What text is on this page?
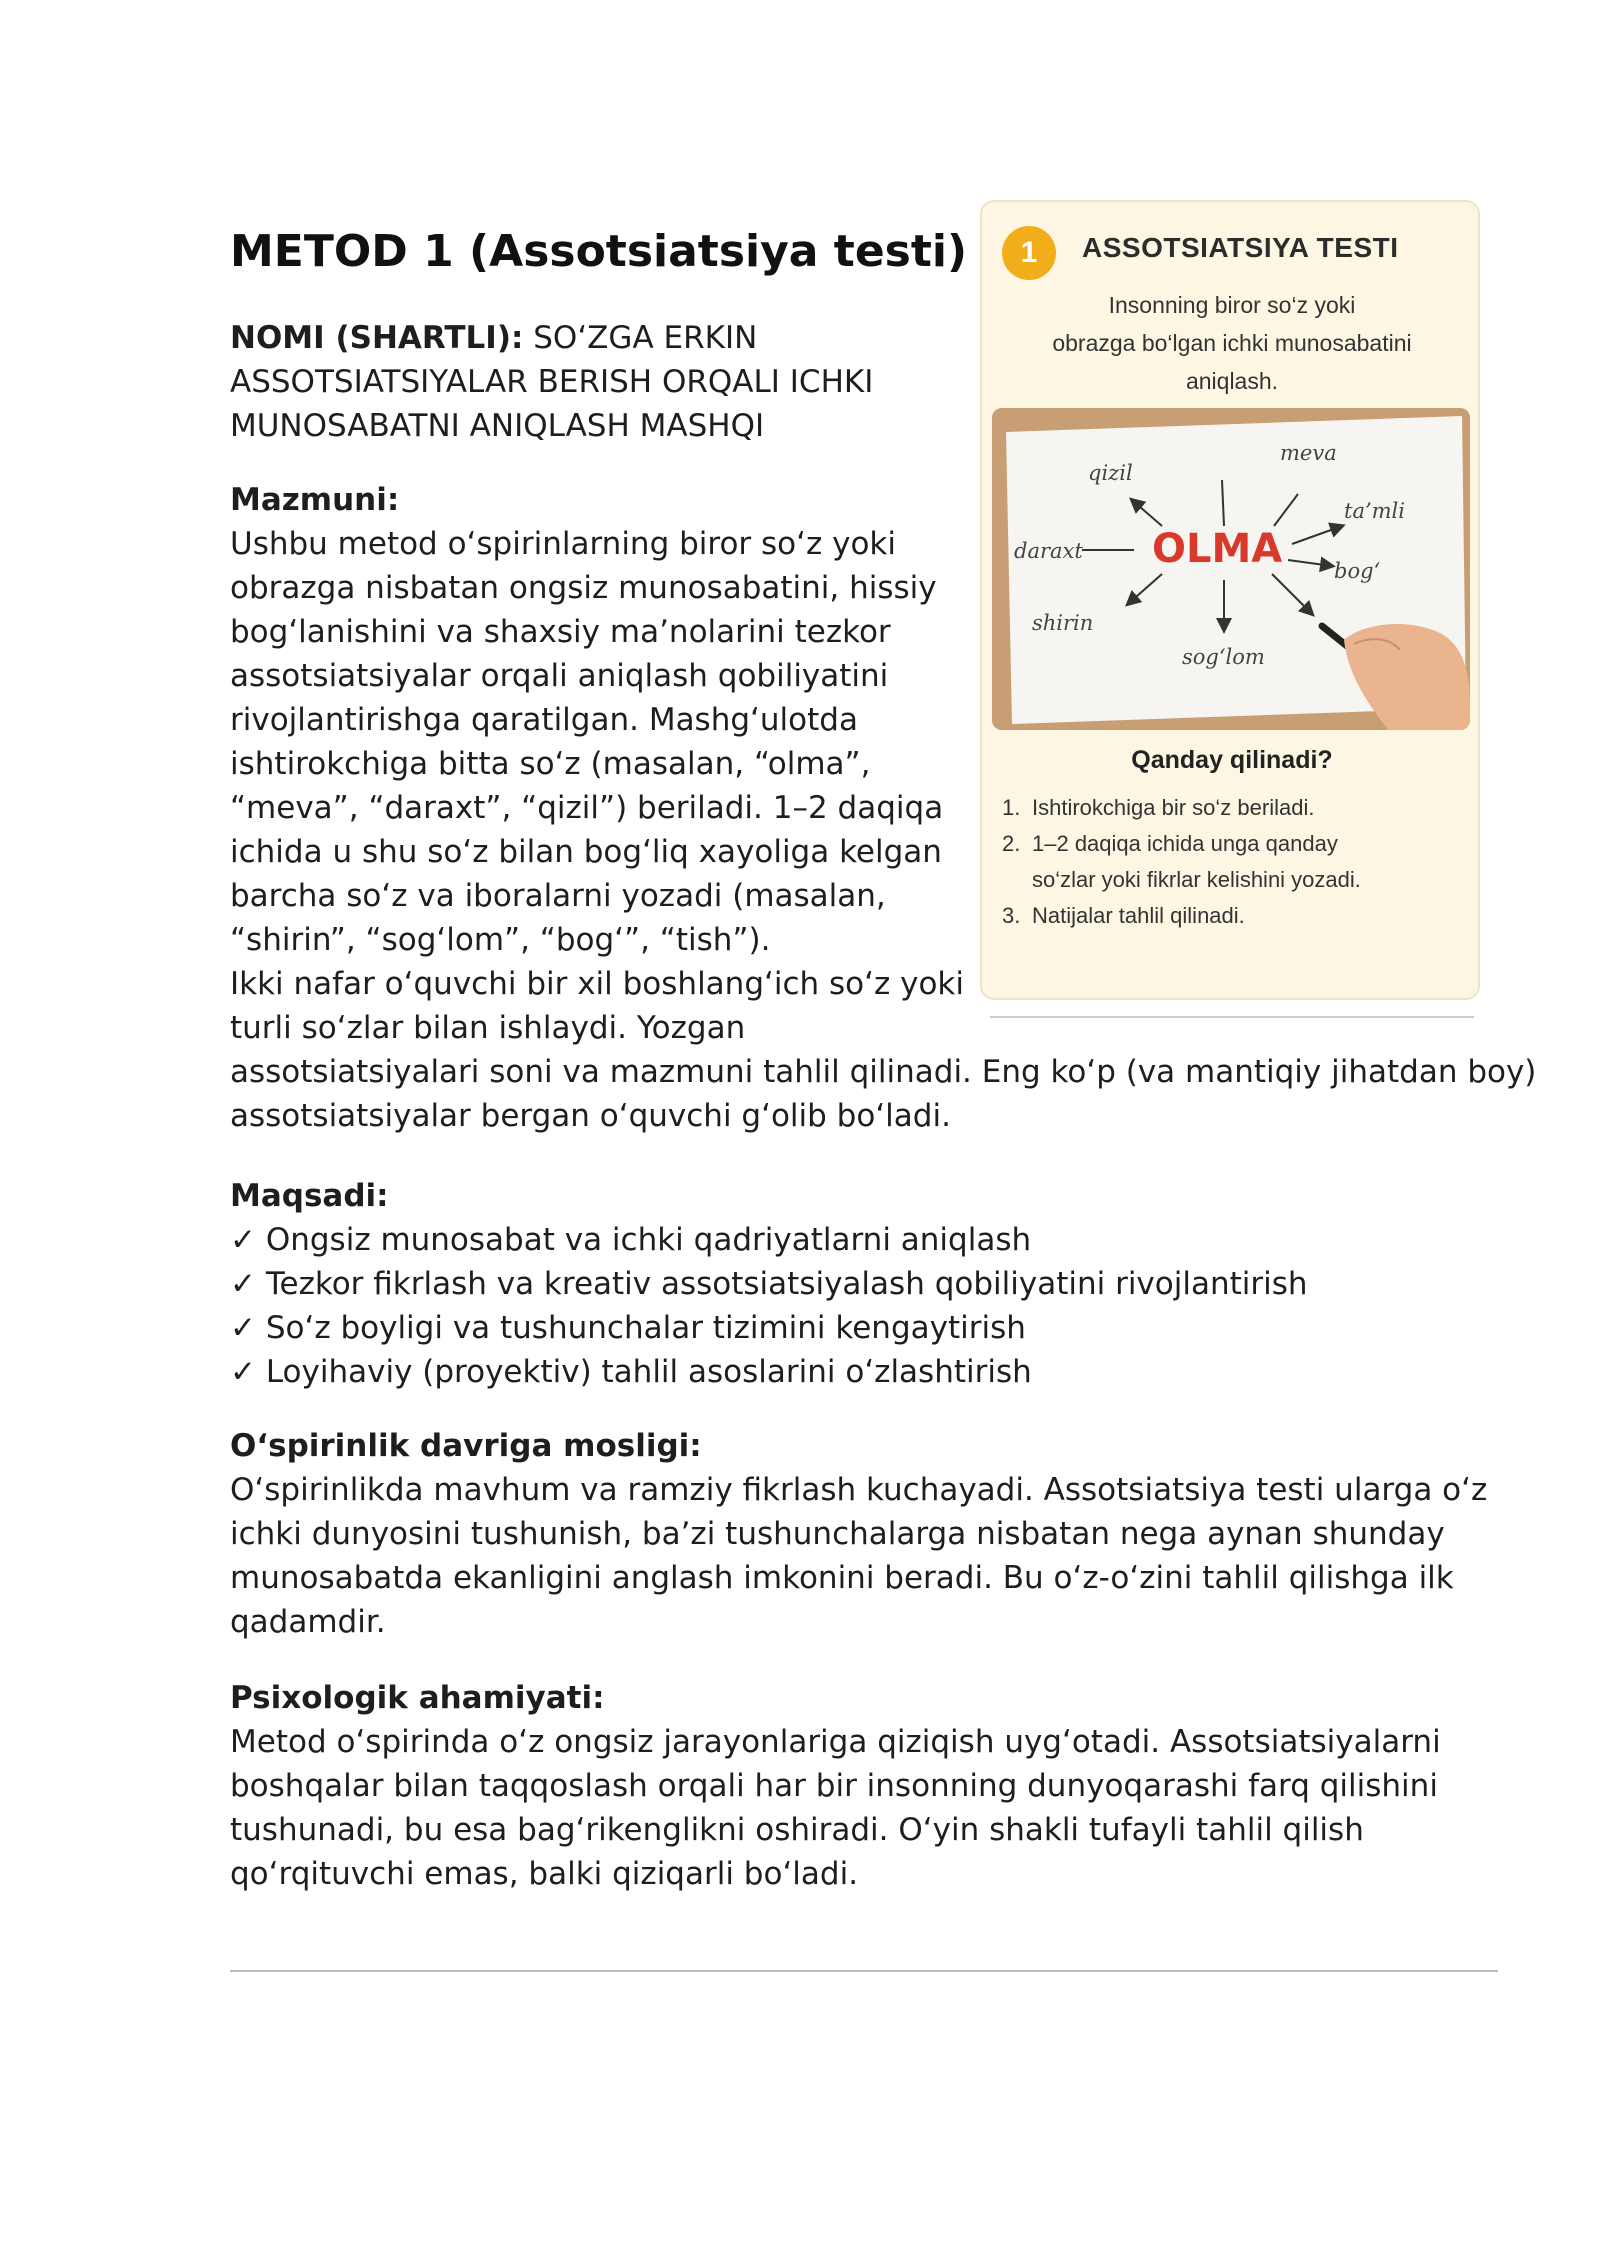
1	ASSOTSIATSIYA TESTI
Insonning biror so‘z yoki
obrazga bo‘lgan ichki munosabatini
aniqlash.
qizil
meva
ta’mli
daraxt
bog‘
shirin
sog‘lom
OLMA
Qanday qilinadi?
1. Ishtirokchiga bir so‘z beriladi.
2. 1–2 daqiqa ichida unga qanday
so‘zlar yoki fikrlar kelishini yozadi.
3. Natijalar tahlil qilinadi.
METOD 1 (Assotsiatsiya testi)
NOMI (SHARTLI): SO‘ZGA ERKIN
ASSOTSIATSIYALAR BERISH ORQALI ICHKI
MUNOSABATNI ANIQLASH MASHQI
Mazmuni:
Ushbu metod o‘spirinlarning biror so‘z yoki
obrazga nisbatan ongsiz munosabatini, hissiy
bog‘lanishini va shaxsiy ma’nolarini tezkor
assotsiatsiyalar orqali aniqlash qobiliyatini
rivojlantirishga qaratilgan. Mashg‘ulotda
ishtirokchiga bitta so‘z (masalan, “olma”,
“meva”, “daraxt”, “qizil”) beriladi. 1–2 daqiqa
ichida u shu so‘z bilan bog‘liq xayoliga kelgan
barcha so‘z va iboralarni yozadi (masalan,
“shirin”, “sog‘lom”, “bog‘”, “tish”).
Ikki nafar o‘quvchi bir xil boshlang‘ich so‘z yoki
turli so‘zlar bilan ishlaydi. Yozgan
assotsiatsiyalari soni va mazmuni tahlil qilinadi. Eng ko‘p (va mantiqiy jihatdan boy)
assotsiatsiyalar bergan o‘quvchi g‘olib bo‘ladi.
Maqsadi:
✓ Ongsiz munosabat va ichki qadriyatlarni aniqlash
✓ Tezkor fikrlash va kreativ assotsiatsiyalash qobiliyatini rivojlantirish
✓ So‘z boyligi va tushunchalar tizimini kengaytirish
✓ Loyihaviy (proyektiv) tahlil asoslarini o‘zlashtirish
O‘spirinlik davriga mosligi:
O‘spirinlikda mavhum va ramziy fikrlash kuchayadi. Assotsiatsiya testi ularga o‘z
ichki dunyosini tushunish, ba’zi tushunchalarga nisbatan nega aynan shunday
munosabatda ekanligini anglash imkonini beradi. Bu o‘z-o‘zini tahlil qilishga ilk
qadamdir.
Psixologik ahamiyati:
Metod o‘spirinda o‘z ongsiz jarayonlariga qiziqish uyg‘otadi. Assotsiatsiyalarni
boshqalar bilan taqqoslash orqali har bir insonning dunyoqarashi farq qilishini
tushunadi, bu esa bag‘rikenglikni oshiradi. O‘yin shakli tufayli tahlil qilish
qo‘rqituvchi emas, balki qiziqarli bo‘ladi.
